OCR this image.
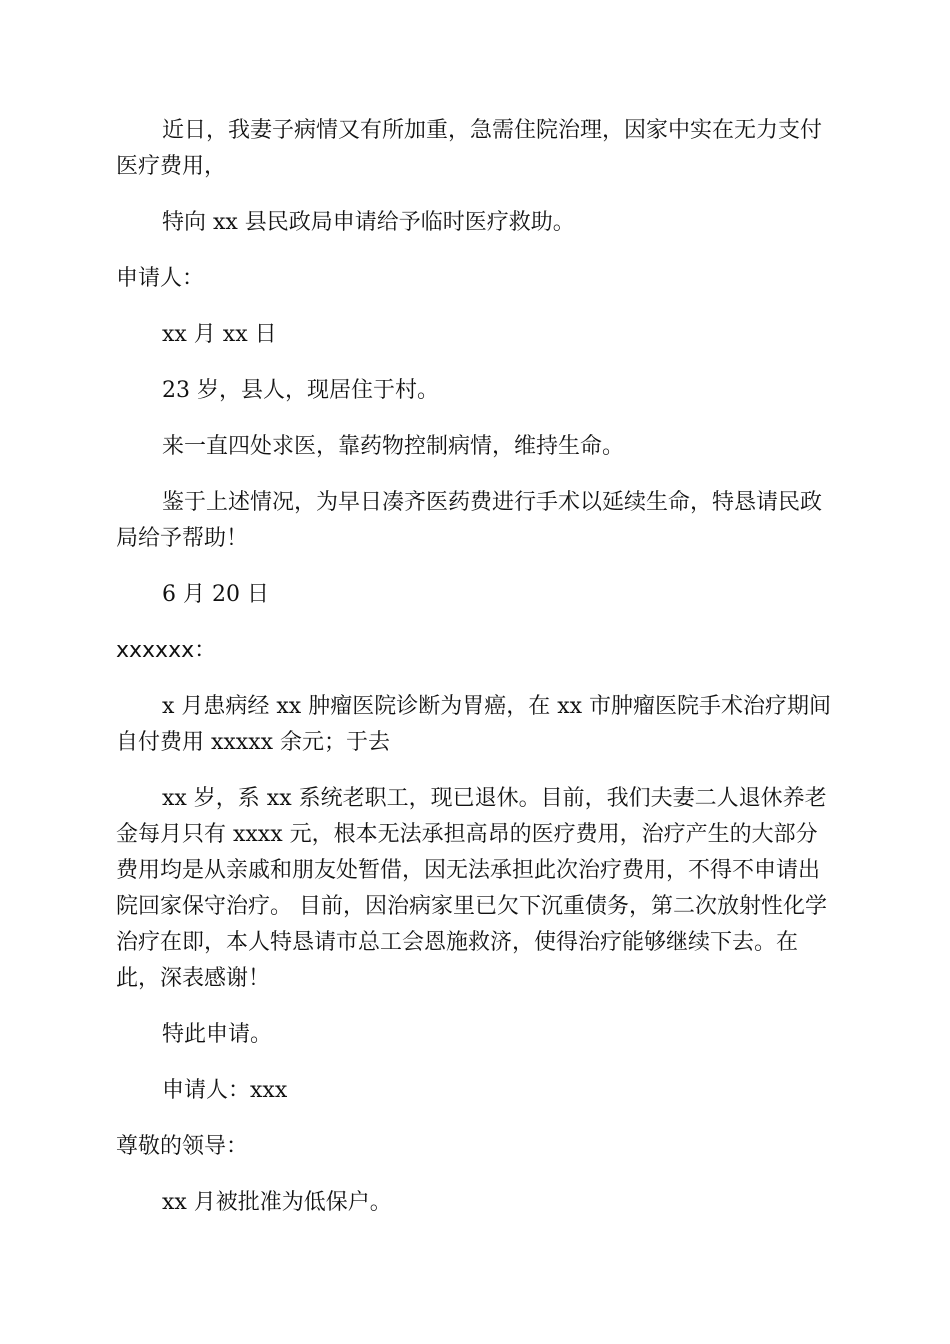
近日，我妻子病情又有所加重，急需住院治理，因家中实在无力支付医疗费用，

特向 xx 县民政局申请给予临时医疗救助。

申请人：

xx 月 xx 日

23 岁，县人，现居住于村。

来一直四处求医，靠药物控制病情，维持生命。

鉴于上述情况，为早日凑齐医药费进行手术以延续生命，特恳请民政局给予帮助！

6 月 20 日

xxxxxx：

x 月患病经 xx 肿瘤医院诊断为胃癌，在 xx 市肿瘤医院手术治疗期间自付费用 xxxxx 余元；于去

xx 岁，系 xx 系统老职工，现已退休。目前，我们夫妻二人退休养老金每月只有 xxxx 元，根本无法承担高昂的医疗费用，治疗产生的大部分费用均是从亲戚和朋友处暂借，因无法承担此次治疗费用，不得不申请出院回家保守治疗。 目前，因治病家里已欠下沉重债务，第二次放射性化学治疗在即，本人特恳请市总工会恩施救济，使得治疗能够继续下去。在此，深表感谢！

特此申请。

申请人：xxx

尊敬的领导：

xx 月被批准为低保户。
